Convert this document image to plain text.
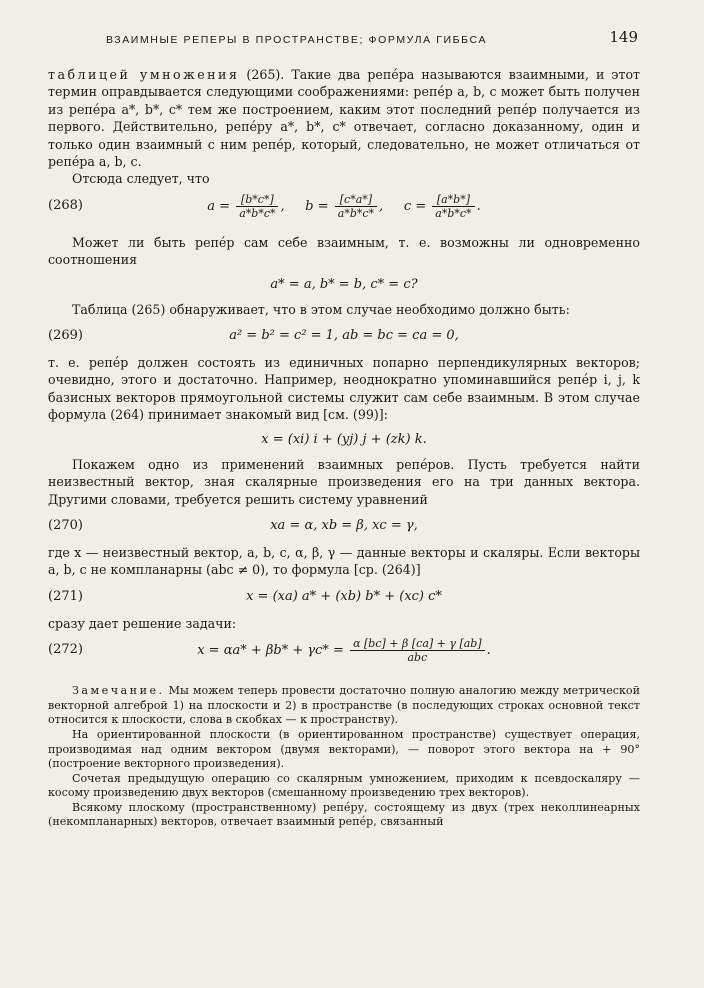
ВЗАИМНЫЕ РЕПЕРЫ В ПРОСТРАНСТВЕ; ФОРМУЛА ГИББСА	149

таблицей умножения (265). Такие два репéра называются взаимными, и этот термин оправдывается следующими соображениями: репéр a, b, c может быть получен из репéра a*, b*, c* тем же построением, каким этот последний репéр получается из первого. Действительно, репéру a*, b*, c* отвечает, согласно доказанному, один и только один взаимный с ним репéр, который, следовательно, не может отличаться от репéра a, b, c.

Отсюда следует, что

(268)	$a = \frac{[b*c*]}{a*b*c*}$ ,     $b = \frac{[c*a*]}{a*b*c*}$ ,     $c = \frac{[a*b*]}{a*b*c*}$ .

Может ли быть репéр сам себе взаимным, т. е. возможны ли одновременно соотношения

a* = a, b* = b, c* = c?

Таблица (265) обнаруживает, что в этом случае необходимо должно быть:

(269)	a² = b² = c² = 1, ab = bc = ca = 0,

т. е. репéр должен состоять из единичных попарно перпендикулярных векторов; очевидно, этого и достаточно. Например, неоднократно упоминавшийся репéр i, j, k базисных векторов прямоугольной системы служит сам себе взаимным. В этом случае формула (264) принимает знакомый вид [см. (99)]:

x = (xi) i + (yj) j + (zk) k.

Покажем одно из применений взаимных репéров. Пусть требуется найти неизвестный вектор, зная скалярные произведения его на три данных вектора. Другими словами, требуется решить систему уравнений

(270)	xa = α, xb = β, xc = γ,

где x — неизвестный вектор, a, b, c, α, β, γ — данные векторы и скаляры. Если векторы a, b, c не компланарны (abc ≠ 0), то формула [ср. (264)]

(271)	x = (xa) a* + (xb) b* + (xc) c*

сразу дает решение задачи:

(272)	$x = \alpha a* + \beta b* + \gamma c* = \frac{\alpha [bc] + \beta [ca] + \gamma [ab]}{\text{abc}}$ .

Замечание. Мы можем теперь провести достаточно полную аналогию между метрической векторной алгеброй 1) на плоскости и 2) в пространстве (в последующих строках основной текст относится к плоскости, слова в скобках — к пространству).

На ориентированной плоскости (в ориентированном пространстве) существует операция, производимая над одним вектором (двумя векторами), — поворот этого вектора на + 90° (построение векторного произведения).

Сочетая предыдущую операцию со скалярным умножением, приходим к псевдоскаляру — косому произведению двух векторов (смешанному произведению трех векторов).

Всякому плоскому (пространственному) репéру, состоящему из двух (трех неколлинеарных (некомпланарных) векторов, отвечает взаимный репéр, связанный
